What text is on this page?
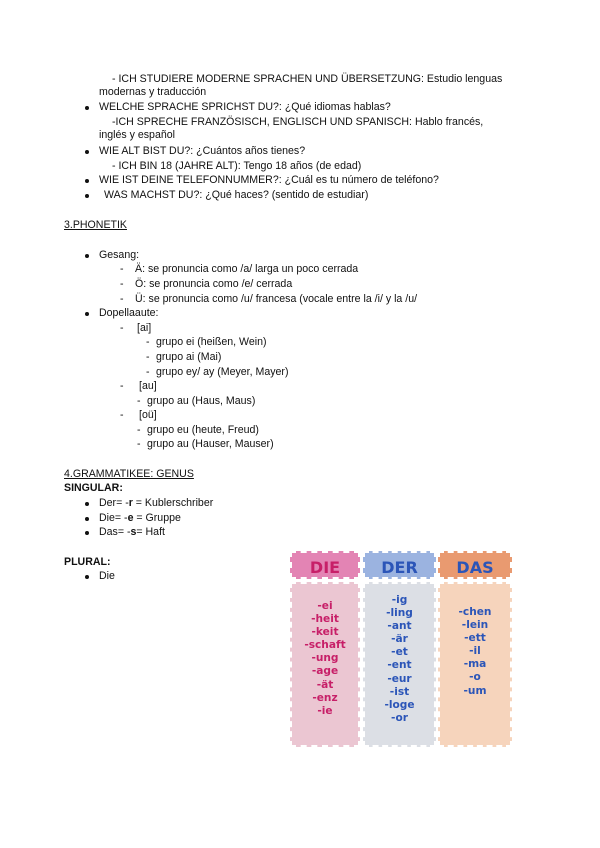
- ICH STUDIERE MODERNE SPRACHEN UND ÜBERSETZUNG: Estudio lenguas
modernas y traducción
WELCHE SPRACHE SPRICHST DU?: ¿Qué idiomas hablas?
-ICH SPRECHE FRANZÖSISCH, ENGLISCH UND SPANISCH: Hablo francés,
inglés y español
WIE ALT BIST DU?: ¿Cuántos años tienes?
- ICH BIN 18 (JAHRE ALT): Tengo 18 años (de edad)
WIE IST DEINE TELEFONNUMMER?: ¿Cuál es tu número de teléfono?
WAS MACHST DU?: ¿Qué haces? (sentido de estudiar)
3.PHONETIK
Gesang:
- Ä: se pronuncia como /a/ larga un poco cerrada
- Ö: se pronuncia como /e/ cerrada
- Ü: se pronuncia como /u/ francesa (vocale entre la /i/ y la /u/
Dopellaaute:
- [ai]
- grupo ei (heißen, Wein)
- grupo ai (Mai)
- grupo ey/ ay (Meyer, Mayer)
- [au]
- grupo au (Haus, Maus)
- [oü]
- grupo eu (heute, Freud)
- grupo au (Hauser, Mauser)
4.GRAMMATIKEE: GENUS
SINGULAR:
Der= -r = Kublerschriber
Die= -e = Gruppe
Das= -s= Haft
PLURAL:
Die	DIE
-ei
-heit
-keit
-schaft
-ung
-age
-ät
-enz
-ie
DER
-ig
-ling
-ant
-är
-et
-ent
-eur
-ist
-loge
-or
DAS
-chen
-lein
-ett
-il
-ma
-o
-um
